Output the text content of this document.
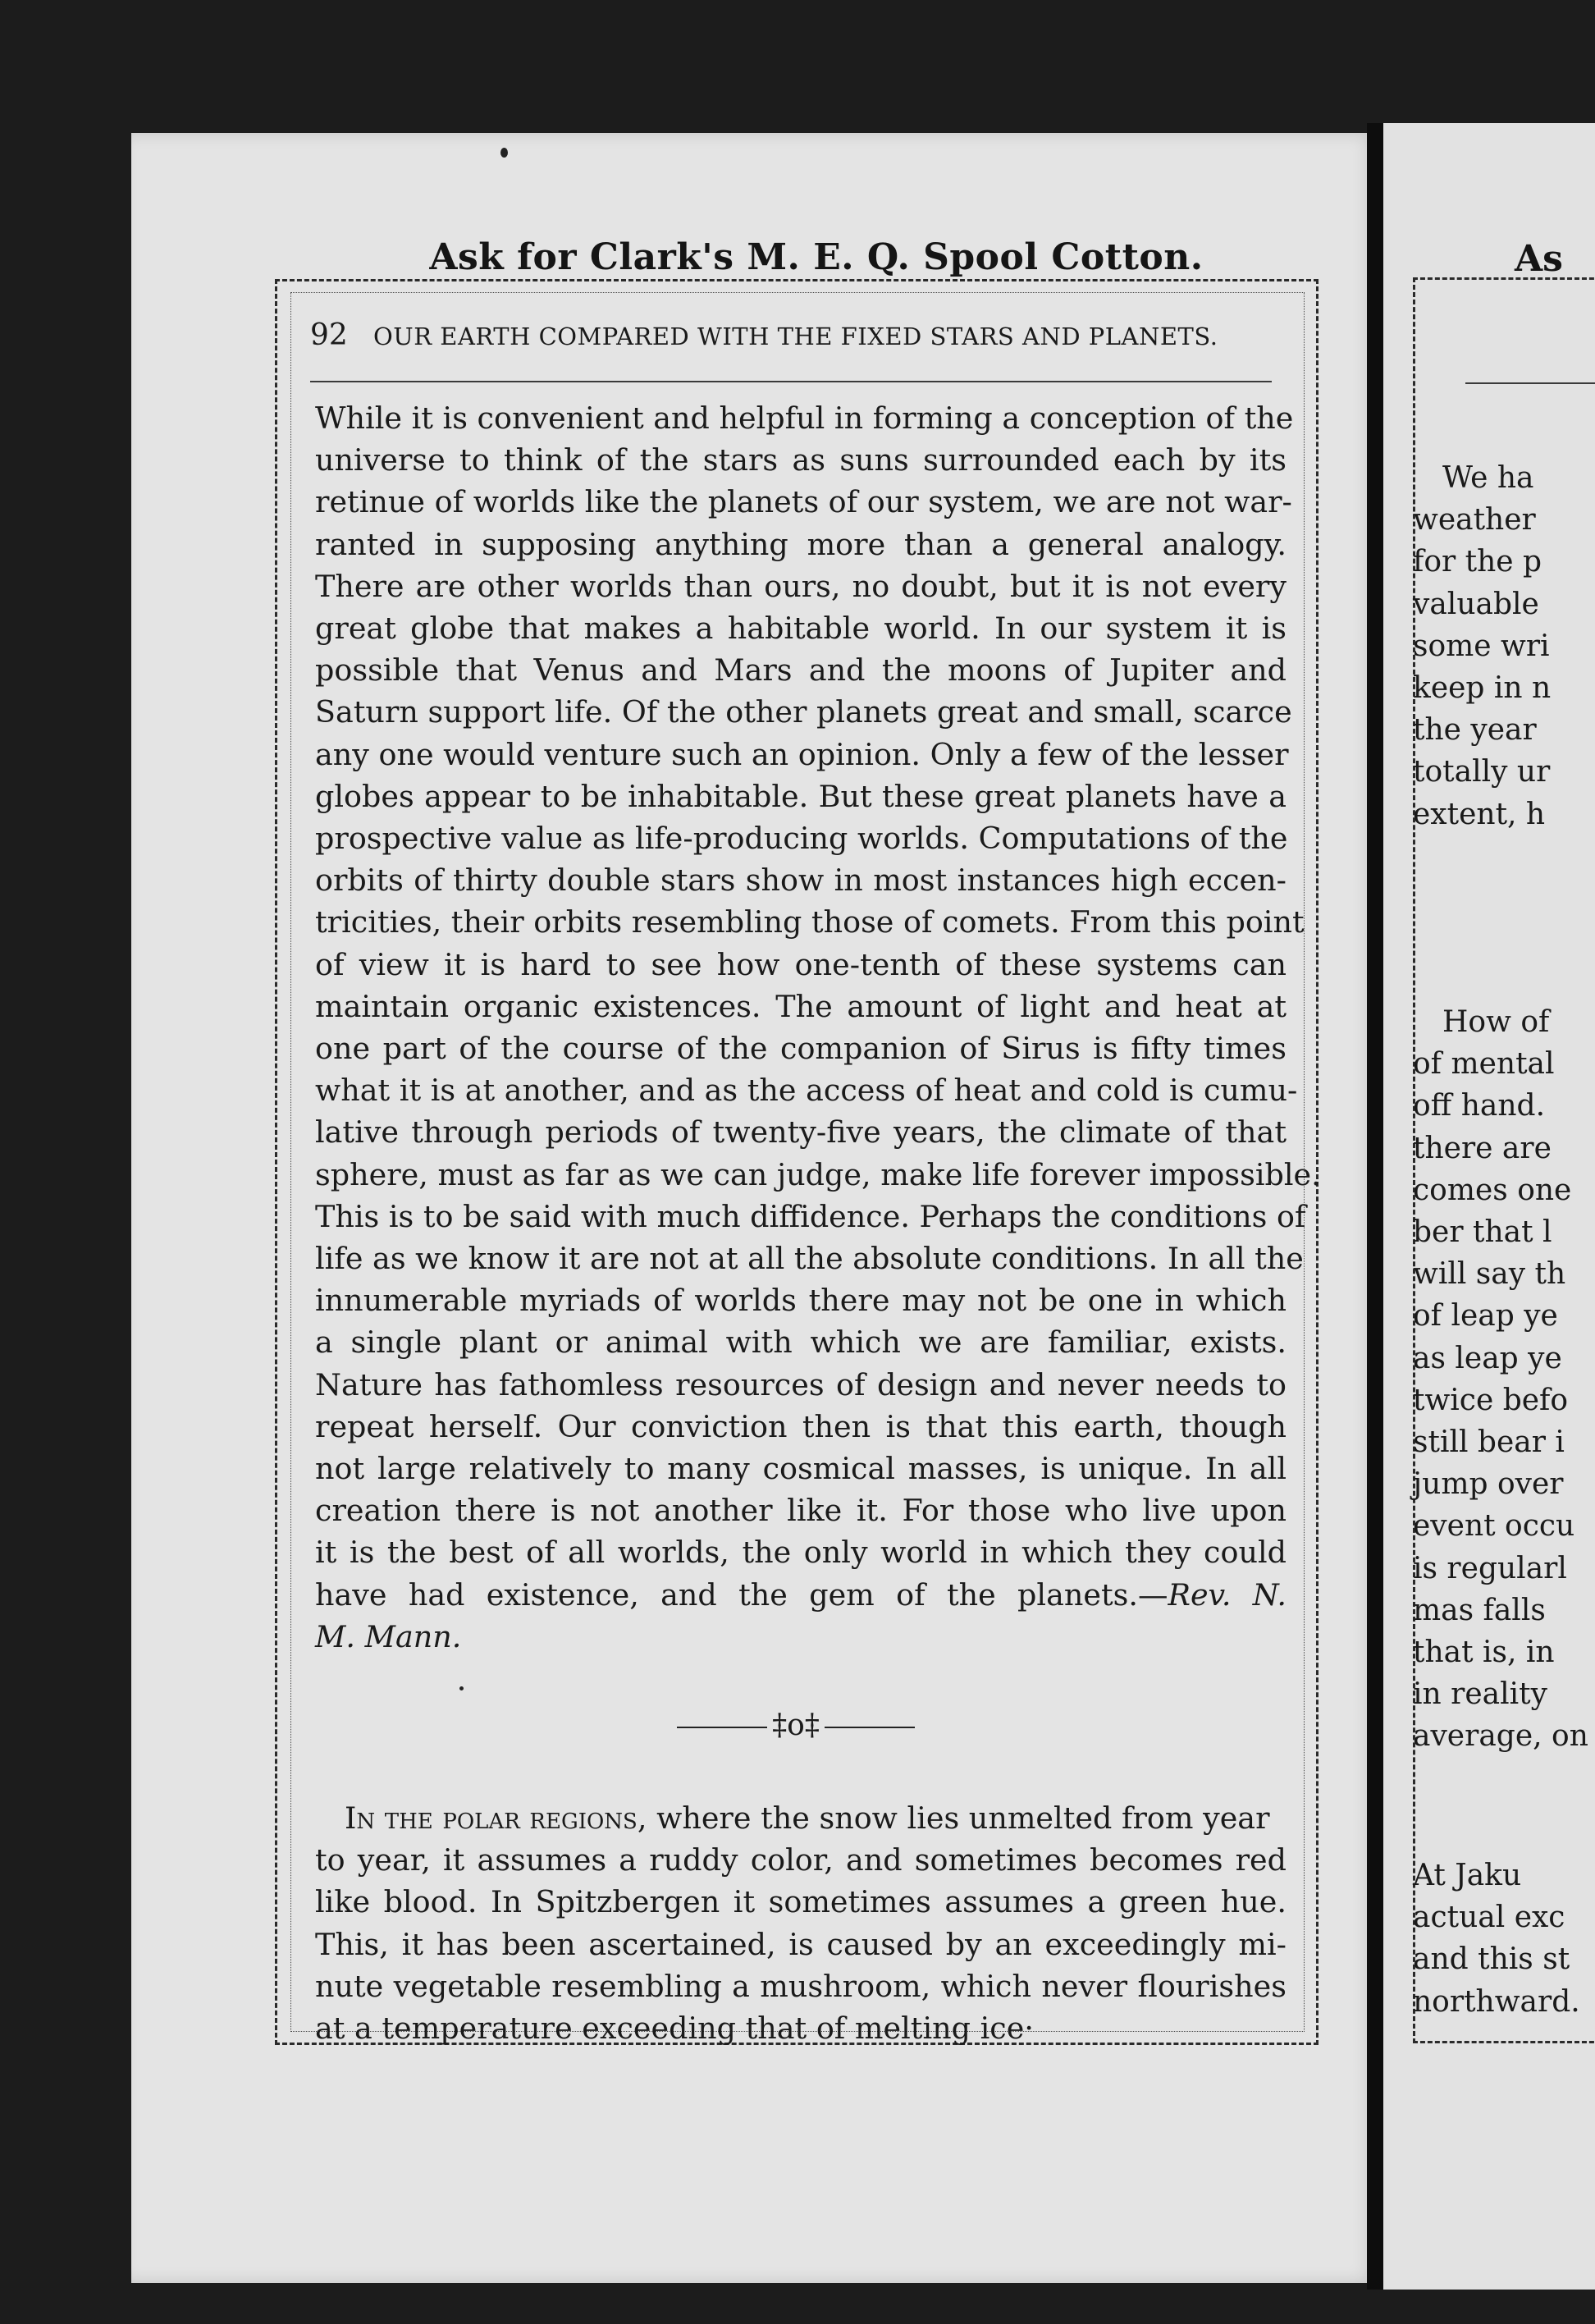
Ask for Clark's M. E. Q. Spool Cotton.
92 OUR EARTH COMPARED WITH THE FIXED STARS AND PLANETS.
While it is convenient and helpful in forming a conception of the
universe to think of the stars as suns surrounded each by its
retinue of worlds like the planets of our system, we are not war-
ranted in supposing anything more than a general analogy.
There are other worlds than ours, no doubt, but it is not every
great globe that makes a habitable world. In our system it is
possible that Venus and Mars and the moons of Jupiter and
Saturn support life. Of the other planets great and small, scarce
any one would venture such an opinion. Only a few of the lesser
globes appear to be inhabitable. But these great planets have a
prospective value as life-producing worlds. Computations of the
orbits of thirty double stars show in most instances high eccen-
tricities, their orbits resembling those of comets. From this point
of view it is hard to see how one-tenth of these systems can
maintain organic existences. The amount of light and heat at
one part of the course of the companion of Sirus is fifty times
what it is at another, and as the access of heat and cold is cumu-
lative through periods of twenty-five years, the climate of that
sphere, must as far as we can judge, make life forever impossible.
This is to be said with much diffidence. Perhaps the conditions of
life as we know it are not at all the absolute conditions. In all the
innumerable myriads of worlds there may not be one in which
a single plant or animal with which we are familiar, exists.
Nature has fathomless resources of design and never needs to
repeat herself. Our conviction then is that this earth, though
not large relatively to many cosmical masses, is unique. In all
creation there is not another like it. For those who live upon
it is the best of all worlds, the only world in which they could
have had existence, and the gem of the planets.—Rev. N.
M. Mann.
‡o‡
In the polar regions, where the snow lies unmelted from year
to year, it assumes a ruddy color, and sometimes becomes red
like blood. In Spitzbergen it sometimes assumes a green hue.
This, it has been ascertained, is caused by an exceedingly mi-
nute vegetable resembling a mushroom, which never flourishes
at a temperature exceeding that of melting ice·
As
We ha
weather
for the p
valuable
some wri
keep in n
the year
totally ur
extent, h
How of
of mental
off hand.
there are
comes one
ber that l
will say th
of leap ye
as leap ye
twice befo
still bear i
jump over
event occu
is regularl
mas falls
that is, in
in reality
average, on
At Jaku
actual exc
and this st
northward.
